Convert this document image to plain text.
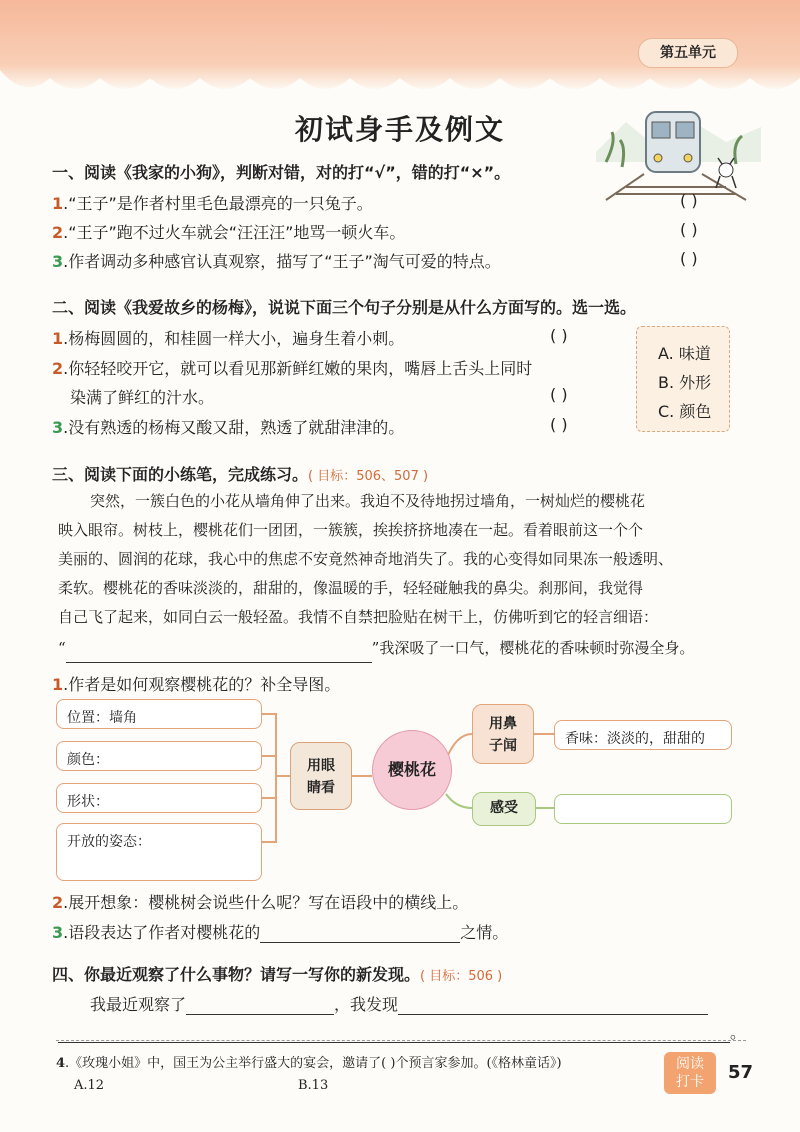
第五单元
初试身手及例文
一、阅读《我家的小狗》，判断对错，对的打“√”，错的打“×”。
1.“王子”是作者村里毛色最漂亮的一只兔子。	( )
2.“王子”跑不过火车就会“汪汪汪”地骂一顿火车。	( )
3.作者调动多种感官认真观察，描写了“王子”淘气可爱的特点。	( )
二、阅读《我爱故乡的杨梅》，说说下面三个句子分别是从什么方面写的。选一选。
1.杨梅圆圆的，和桂圆一样大小，遍身生着小刺。	( )
2.你轻轻咬开它，就可以看见那新鲜红嫩的果肉，嘴唇上舌头上同时
染满了鲜红的汁水。	( )
3.没有熟透的杨梅又酸又甜，熟透了就甜津津的。	( )
A. 味道
B. 外形
C. 颜色
三、阅读下面的小练笔，完成练习。( 目标：506、507 )
突然，一簇白色的小花从墙角伸了出来。我迫不及待地拐过墙角，一树灿烂的樱桃花
映入眼帘。树枝上，樱桃花们一团团，一簇簇，挨挨挤挤地凑在一起。看着眼前这一个个
美丽的、圆润的花球，我心中的焦虑不安竟然神奇地消失了。我的心变得如同果冻一般透明、
柔软。樱桃花的香味淡淡的，甜甜的，像温暖的手，轻轻碰触我的鼻尖。刹那间，我觉得
自己飞了起来，如同白云一般轻盈。我情不自禁把脸贴在树干上，仿佛听到它的轻言细语：
“	”我深吸了一口气，樱桃花的香味顿时弥漫全身。
1.作者是如何观察樱桃花的？补全导图。
位置：墙角
颜色：
形状：
开放的姿态：
用眼
睛看
樱桃花
用鼻
子闻	香味：淡淡的，甜甜的
感受
2.展开想象：樱桃树会说些什么呢？写在语段中的横线上。
3.语段表达了作者对樱桃花的	之情。
四、你最近观察了什么事物？请写一写你的新发现。( 目标：506 )
我最近观察了	，我发现
。
4.《玫瑰小姐》中，国王为公主举行盛大的宴会，邀请了( )个预言家参加。(《格林童话》)
A.12	B.13
阅读
打卡	57
